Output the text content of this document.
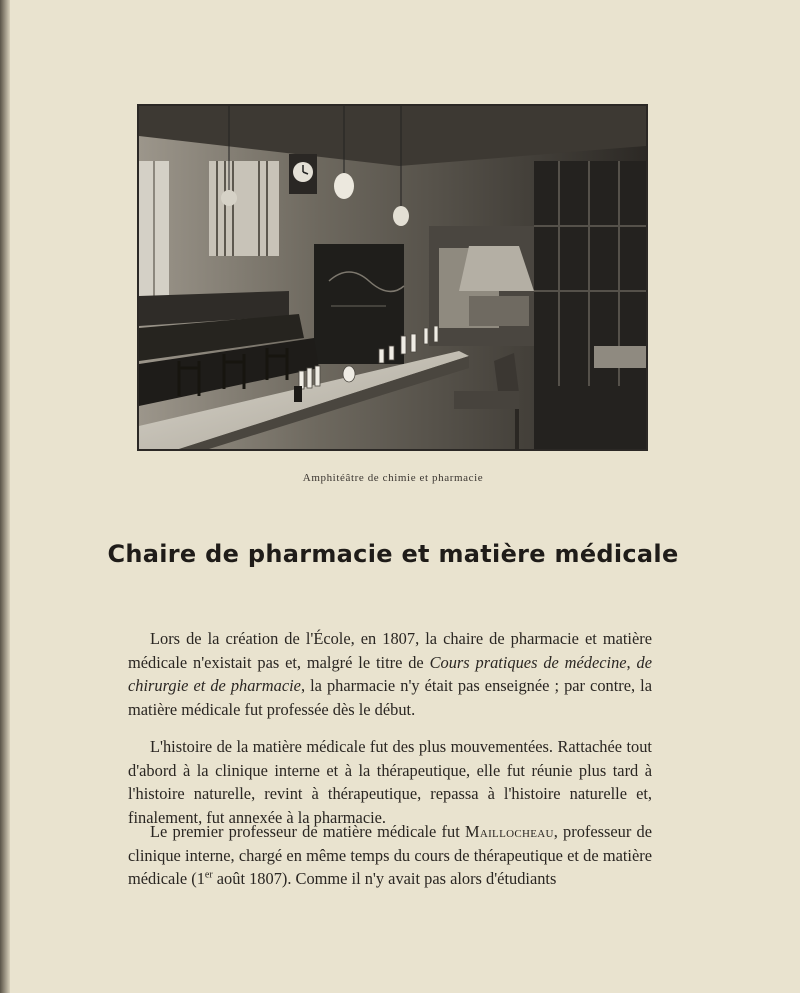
Amphitéâtre de chimie et pharmacie
Chaire de pharmacie et matière médicale

Lors de la création de l'École, en 1807, la chaire de pharmacie et matière médicale n'existait pas et, malgré le titre de Cours pratiques de médecine, de chirurgie et de pharmacie, la pharmacie n'y était pas enseignée ; par contre, la matière médicale fut professée dès le début.

L'histoire de la matière médicale fut des plus mouvementées. Rattachée tout d'abord à la clinique interne et à la thérapeutique, elle fut réunie plus tard à l'histoire naturelle, revint à thérapeutique, repassa à l'histoire naturelle et, finalement, fut annexée à la pharmacie.

Le premier professeur de matière médicale fut Maillocheau, professeur de clinique interne, chargé en même temps du cours de thérapeutique et de matière médicale (1er août 1807). Comme il n'y avait pas alors d'étudiants
